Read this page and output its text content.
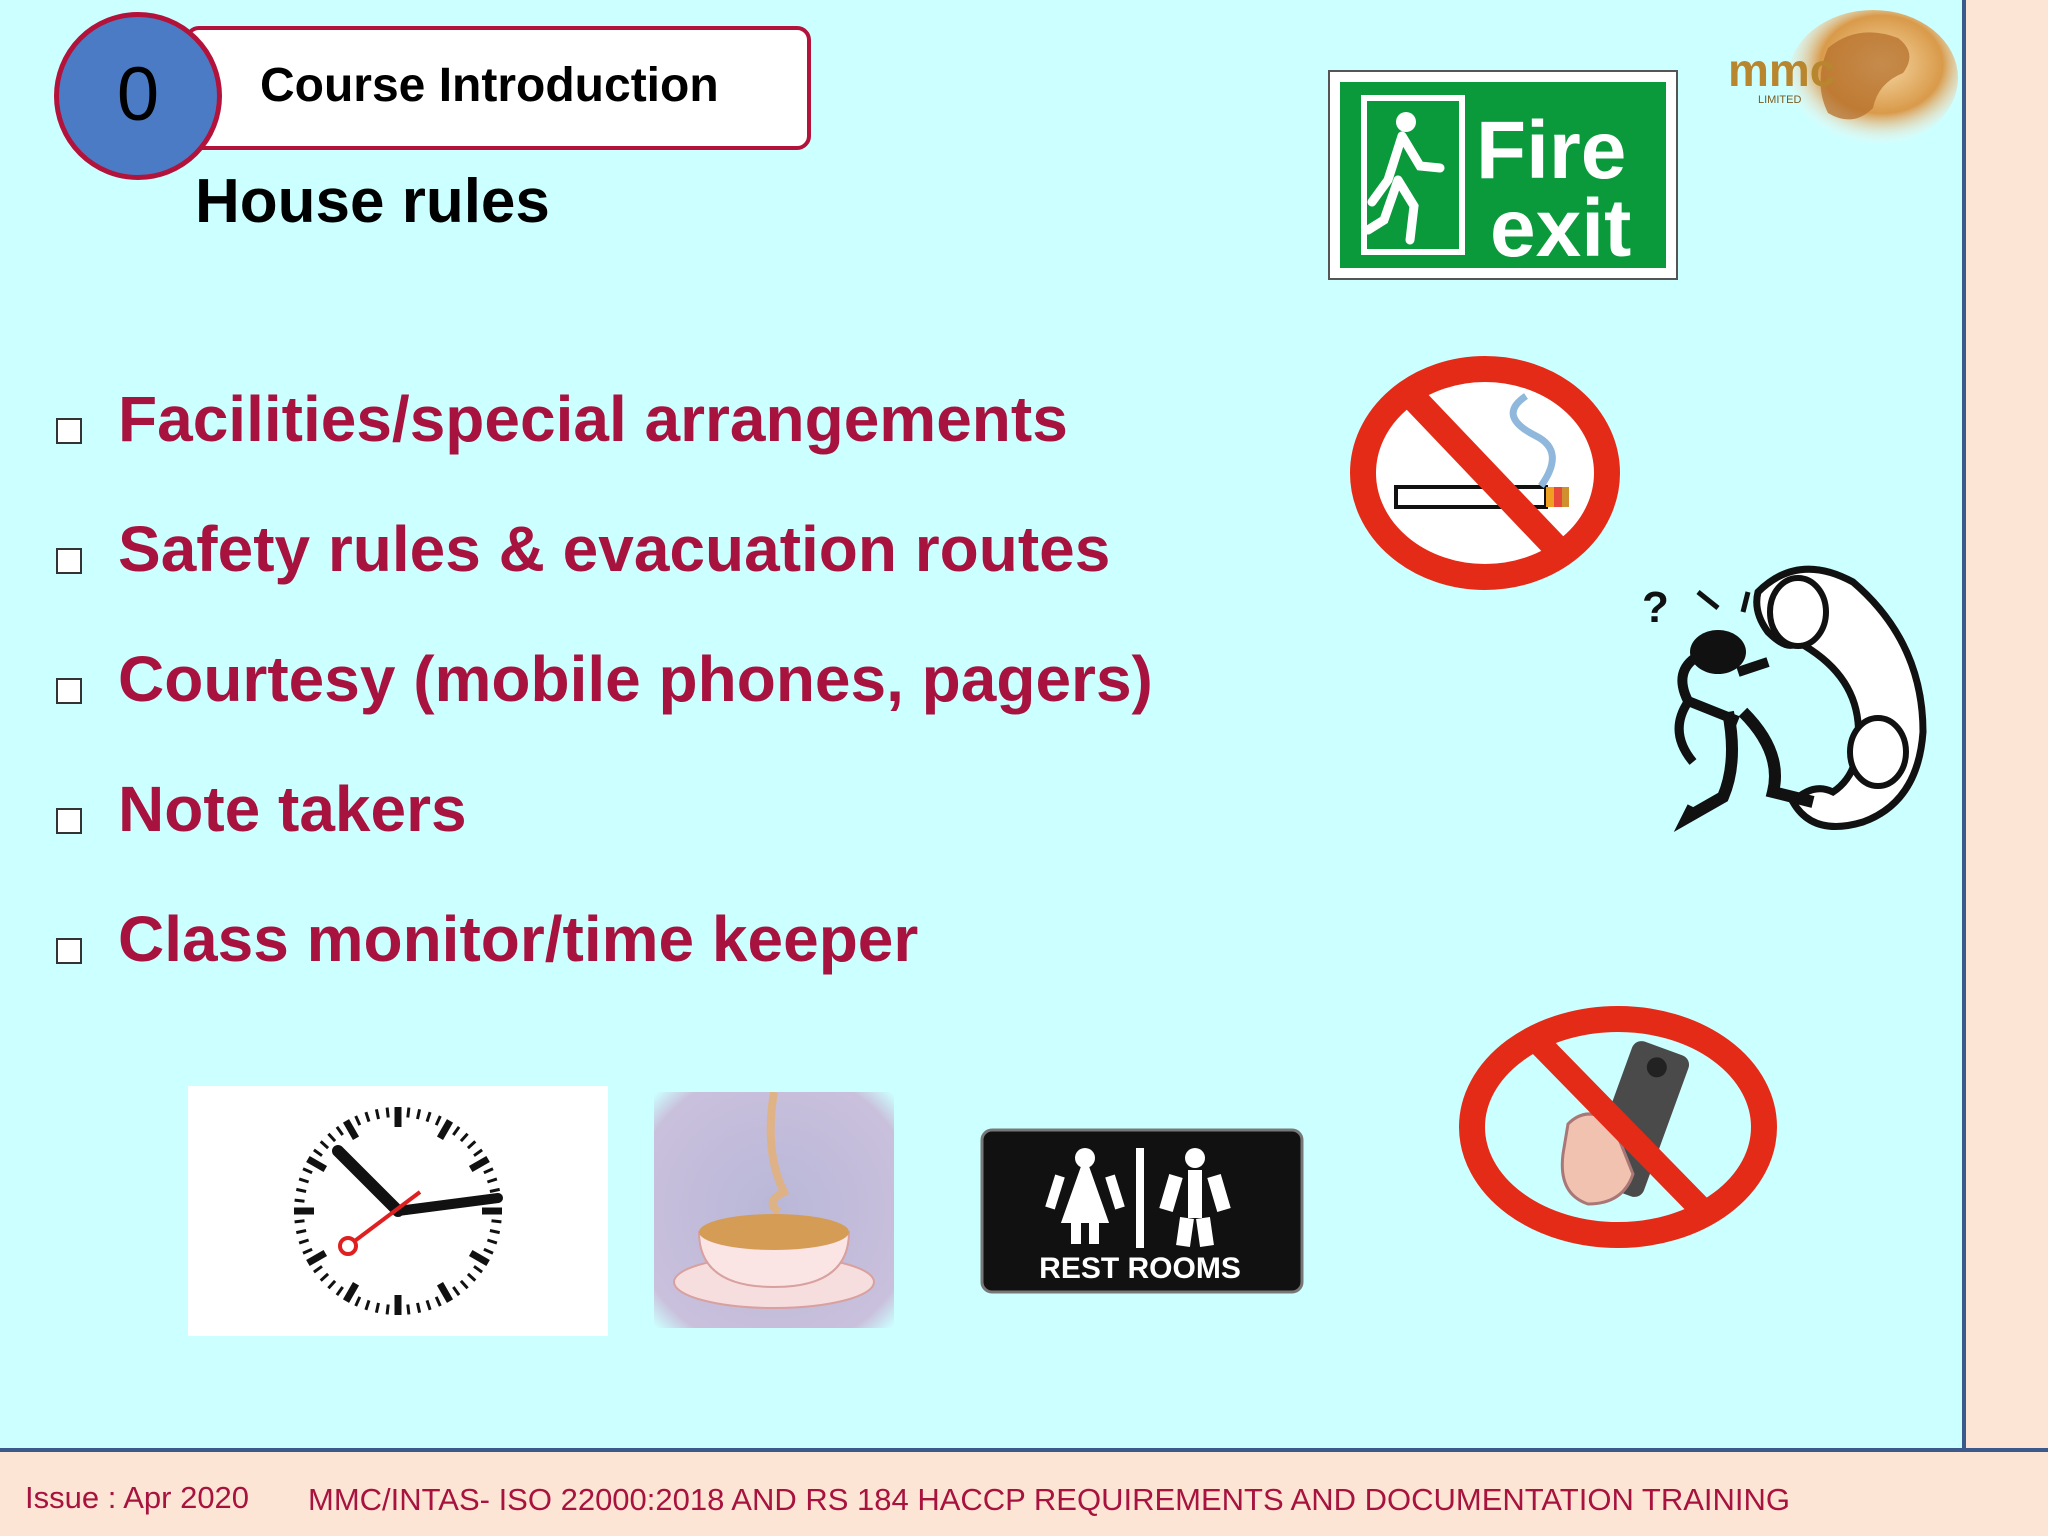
Course Introduction
0
House rules
Facilities/special arrangements
Safety rules & evacuation routes
Courtesy (mobile phones, pagers)
Note takers
Class monitor/time keeper
mmc
LIMITED
Fire
exit
?
REST ROOMS
Issue : Apr 2020 MMC/INTAS- ISO 22000:2018 AND RS 184 HACCP REQUIREMENTS AND DOCUMENTATION TRAINING
